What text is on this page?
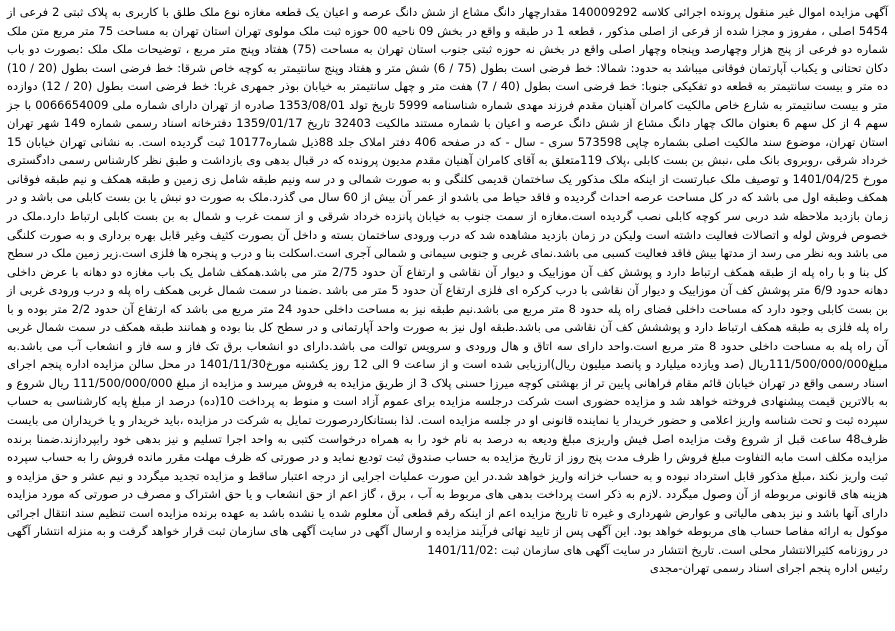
آگهی مزایده اموال غیر منقول پرونده اجرائی کلاسه 140009292 مقدارچهار دانگ مشاع از شش دانگ عرصه و اعیان یک قطعه مغازه نوع ملک طلق با کاربری به پلاک ثبتی 2 فرعی از 5454 اصلی ، مفروز و مجزا شده از فرعی از اصلی مذکور ، قطعه 1 در طبقه و واقع در بخش 09 ناحیه 00 حوزه ثبت ملک مولوی تهران استان تهران به مساحت 75 متر مربع متن ملک شماره دو فرعی از پنج هزار وچهارصد وپنجاه وچهار اصلی واقع در بخش نه حوزه ثبتی جنوب استان تهران به مساحت (75) هفتاد وپنج متر مربع ، توضیحات ملک ملک :بصورت دو باب دکان تحتانی و یکباب آپارتمان فوقانی میباشد به حدود: شمالا: خط فرضی است بطول (75 / 6) شش متر و هفتاد وپنج سانتیمتر به کوچه خاص شرقا: خط فرضی است بطول (20 / 10) ده متر و بیست سانتیمتر به قطعه دو تفکیکی جنوبا: خط فرضی است بطول (40 / 7) هفت متر و چهل سانتیمتر به خیابان بوذر جمهری غربا: خط فرضی است بطول (20 / 12) دوازده متر و بیست سانتیمتر به شارع خاص مالکیت کامران آهنیان مقدم فرزند مهدی شماره شناسنامه 5999 تاریخ تولد 1353/08/01 صادره از تهران دارای شماره ملی 0066654009 با جز سهم 4 از کل سهم 6 بعنوان مالک چهار دانگ مشاع از شش دانگ عرصه و اعیان با شماره مستند مالکیت 32403 تاریخ 1359/01/17 دفترخانه اسناد رسمی شماره 149 شهر تهران استان تهران، موضوع سند مالکیت اصلی بشماره چاپی 573598 سری - سال - که در صفحه 406 دفتر املاک جلد 88ذیل شماره10177 ثبت گردیده است. به نشانی تهران خیابان 15 خرداد شرقی ،روبروی بانک ملی ،نبش بن بست کابلی ،پلاک 119متعلق به آقای کامران آهنیان مقدم مدیون پرونده که در قبال بدهی وی بازداشت و طبق نظر کارشناس رسمی دادگستری مورخ 1401/04/25 و توصیف ملک عبارتست از اینکه ملک مذکور یک ساختمان قدیمی کلنگی و به صورت شمالی و در سه ونیم طبقه شامل زی زمین و طبقه همکف و نیم طبقه فوقانی همکف وطبقه اول می باشد که در کل مساحت عرصه احداث گردیده و فاقد حیاط می باشدو از عمر آن بیش از 60 سال می گذرد.ملک به صورت دو نبش یا بن بست کابلی می باشد و در زمان بازدید ملاحظه شد دربی سر کوچه کابلی نصب گردیده است.مغازه از سمت جنوب به خیابان پانزده خرداد شرقی و از سمت غرب و شمال به بن بست کابلی ارتباط دارد.ملک در خصوص فروش لوله و اتصالات فعالیت داشته است ولیکن در زمان بازدید مشاهده شد که درب ورودی ساختمان بسته و داخل آن بصورت کثیف وغیر قابل بهره برداری و به صورت کلنگی می باشد وبه نظر می رسد از مدتها بیش فاقد فعالیت کسبی می باشد.نمای غربی و جنوبی سیمانی و شمالی آجری است.اسکلت بنا و درب و پنجره ها فلزی است.زیر زمین ملک در سطح کل بنا و با راه پله از طبقه همکف ارتباط دارد و پوشش کف آن موزاییک و دیوار آن نقاشی و ارتفاع آن حدود 2/75 متر می باشد.همکف شامل یک باب مغازه دو دهانه با عرض داخلی دهانه حدود 6/9 متر پوشش کف آن موزاییک و دیوار آن نقاشی با درب کرکره ای فلزی ارتفاع آن حدود 5 متر می باشد .ضمنا در سمت شمال غربی همکف راه پله و درب ورودی غربی از بن بست کابلی وجود دارد که مساحت داخلی فضای راه پله حدود 8 متر مربع می باشد.نیم طبقه نیز به مساحت داخلی حدود 24 متر مربع می باشد که ارتفاع آن حدود 2/2 متر بوده و با راه پله فلزی به طبقه همکف ارتباط دارد و پوششش کف آن نقاشی می باشد.طبقه اول نیز به صورت واحد آپارتمانی و در سطح کل بنا بوده و همانند طبقه همکف در سمت شمال غربی آن راه پله به مساحت داخلی حدود 8 متر مربع است.واحد دارای سه اتاق و هال ورودی و سرویس توالت می باشد.دارای دو انشعاب برق تک فاز و سه فاز و انشعاب آب می باشد.به مبلغ111/500/000/000ریال (صد ویازده میلیارد و پانصد میلیون ریال)ارزیابی شده است و از ساعت 9 الی 12 روز یکشنبه مورخ1401/11/30 در محل سالن مزایده اداره پنجم اجرای اسناد رسمی واقع در تهران خیابان قائم مقام فراهانی پایین تر از بهشتی کوچه میرزا حسنی پلاک 3 از طریق مزایده به فروش میرسد و مزایده از مبلغ 111/500/000/000 ریال شروع و به بالاترین قیمت پیشنهادی فروخته خواهد شد و مزایده حضوری است شرکت درجلسه مزایده برای عموم آزاد است و منوط به پرداخت 10(ده) درصد از مبلغ پایه کارشناسی به حساب سپرده ثبت و تحت شناسه واریز اعلامی و حضور خریدار یا نماینده قانونی او در جلسه مزایده است. لذا بستانکاردرصورت تمایل به شرکت در مزایده ،باید خریدار و یا خریداران می بایست ظرف48 ساعت قبل از شروع وقت مزایده اصل فیش واریزی مبلغ ودیعه به درصد به نام خود را به همراه درخواست کتبی به واحد اجرا تسلیم و نیز بدهی خود رابپردازند.ضمنا برنده مزایده مکلف است مابه التفاوت مبلغ فروش را ظرف مدت پنج روز از تاریخ مزایده به حساب صندوق ثبت تودیع نماید و در صورتی که ظرف مهلت مقرر مانده فروش را به حساب سپرده ثبت واریز نکند ،مبلغ مذکور قابل استرداد نبوده و به حساب خزانه واریز خواهد شد.در این صورت عملیات اجرایی از درجه اعتبار ساقط و مزایده تجدید میگردد و نیم عشر و حق مزایده و هزینه های قانونی مربوطه از آن وصول میگردد .لازم به ذکر است پرداخت بدهی های مربوط به آب ، برق ، گاز اعم از حق انشعاب و یا حق اشتراک و مصرف در صورتی که مورد مزایده دارای آنها باشد و نیز بدهی مالیاتی و عوارض شهرداری و غیره تا تاریخ مزایده اعم از اینکه رقم قطعی آن معلوم شده یا نشده باشد به عهده برنده مزایده است تنظیم سند انتقال اجرائی موکول به ارائه مفاصا حساب های مربوطه خواهد بود. این آگهی پس از تایید نهائی فرآیند مزایده و ارسال آگهی در سایت آگهی های سازمان ثبت قرار خواهد گرفت و به منزله انتشار آگهی در روزنامه کثیرالانتشار محلی است. تاریخ انتشار در سایت آگهی های سازمان ثبت :1401/11/02

رئیس اداره پنجم اجرای اسناد رسمی تهران-مجدی
